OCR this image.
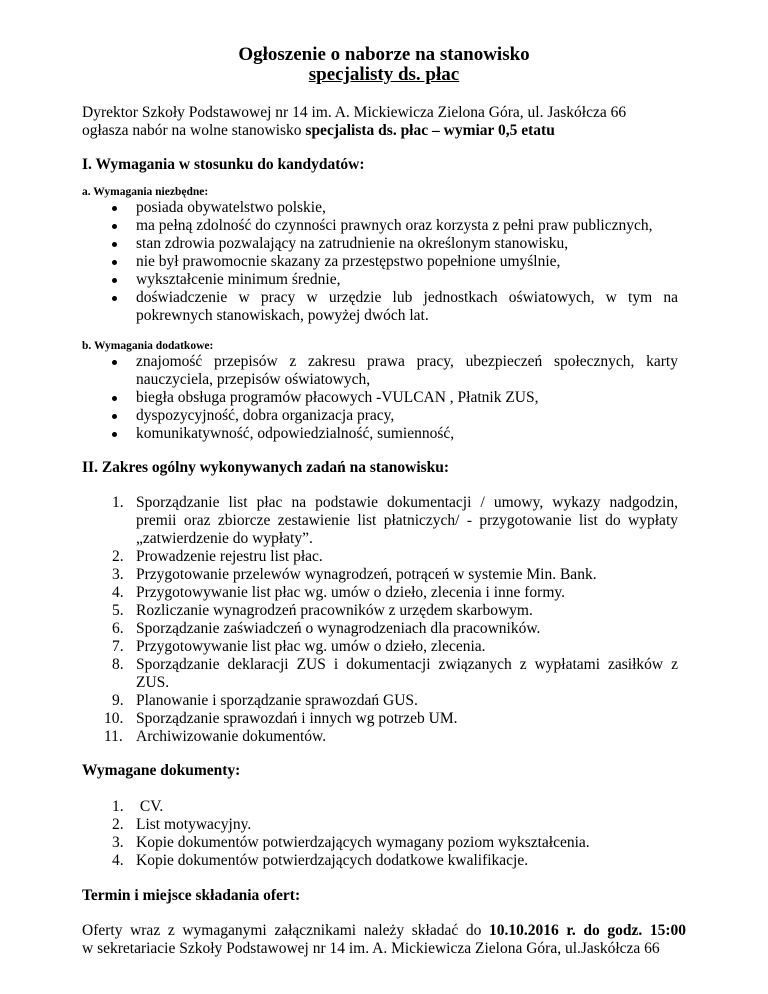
Ogłoszenie o naborze na stanowisko
specjalisty ds. płac
Dyrektor Szkoły Podstawowej nr 14 im. A. Mickiewicza Zielona Góra, ul. Jaskółcza 66
ogłasza nabór na wolne stanowisko specjalista ds. płac – wymiar 0,5 etatu
I. Wymagania w stosunku do kandydatów:
a. Wymagania niezbędne:
posiada obywatelstwo polskie,
ma pełną zdolność do czynności prawnych oraz korzysta z pełni praw publicznych,
stan zdrowia pozwalający na zatrudnienie na określonym stanowisku,
nie był prawomocnie skazany za przestępstwo popełnione umyślnie,
wykształcenie minimum średnie,
doświadczenie w pracy w urzędzie lub jednostkach oświatowych, w tym na
pokrewnych stanowiskach, powyżej dwóch lat.
b. Wymagania dodatkowe:
znajomość przepisów z zakresu prawa pracy, ubezpieczeń społecznych, karty
nauczyciela, przepisów oświatowych,
biegła obsługa programów płacowych -VULCAN , Płatnik ZUS,
dyspozycyjność, dobra organizacja pracy,
komunikatywność, odpowiedzialność, sumienność,
II. Zakres ogólny wykonywanych zadań na stanowisku:
1. Sporządzanie list płac na podstawie dokumentacji / umowy, wykazy nadgodzin,
premii oraz zbiorcze zestawienie list płatniczych/ - przygotowanie list do wypłaty
„zatwierdzenie do wypłaty”.
2. Prowadzenie rejestru list płac.
3. Przygotowanie przelewów wynagrodzeń, potrąceń w systemie Min. Bank.
4. Przygotowywanie list płac wg. umów o dzieło, zlecenia i inne formy.
5. Rozliczanie wynagrodzeń pracowników z urzędem skarbowym.
6. Sporządzanie zaświadczeń o wynagrodzeniach dla pracowników.
7. Przygotowywanie list płac wg. umów o dzieło, zlecenia.
8. Sporządzanie deklaracji ZUS i dokumentacji związanych z wypłatami zasiłków z
ZUS.
9. Planowanie i sporządzanie sprawozdań GUS.
10. Sporządzanie sprawozdań i innych wg potrzeb UM.
11. Archiwizowanie dokumentów.
Wymagane dokumenty:
1. CV.
2. List motywacyjny.
3. Kopie dokumentów potwierdzających wymagany poziom wykształcenia.
4. Kopie dokumentów potwierdzających dodatkowe kwalifikacje.
Termin i miejsce składania ofert:
Oferty wraz z wymaganymi załącznikami należy składać do 10.10.2016 r. do godz. 15:00
w sekretariacie Szkoły Podstawowej nr 14 im. A. Mickiewicza Zielona Góra, ul.Jaskółcza 66
